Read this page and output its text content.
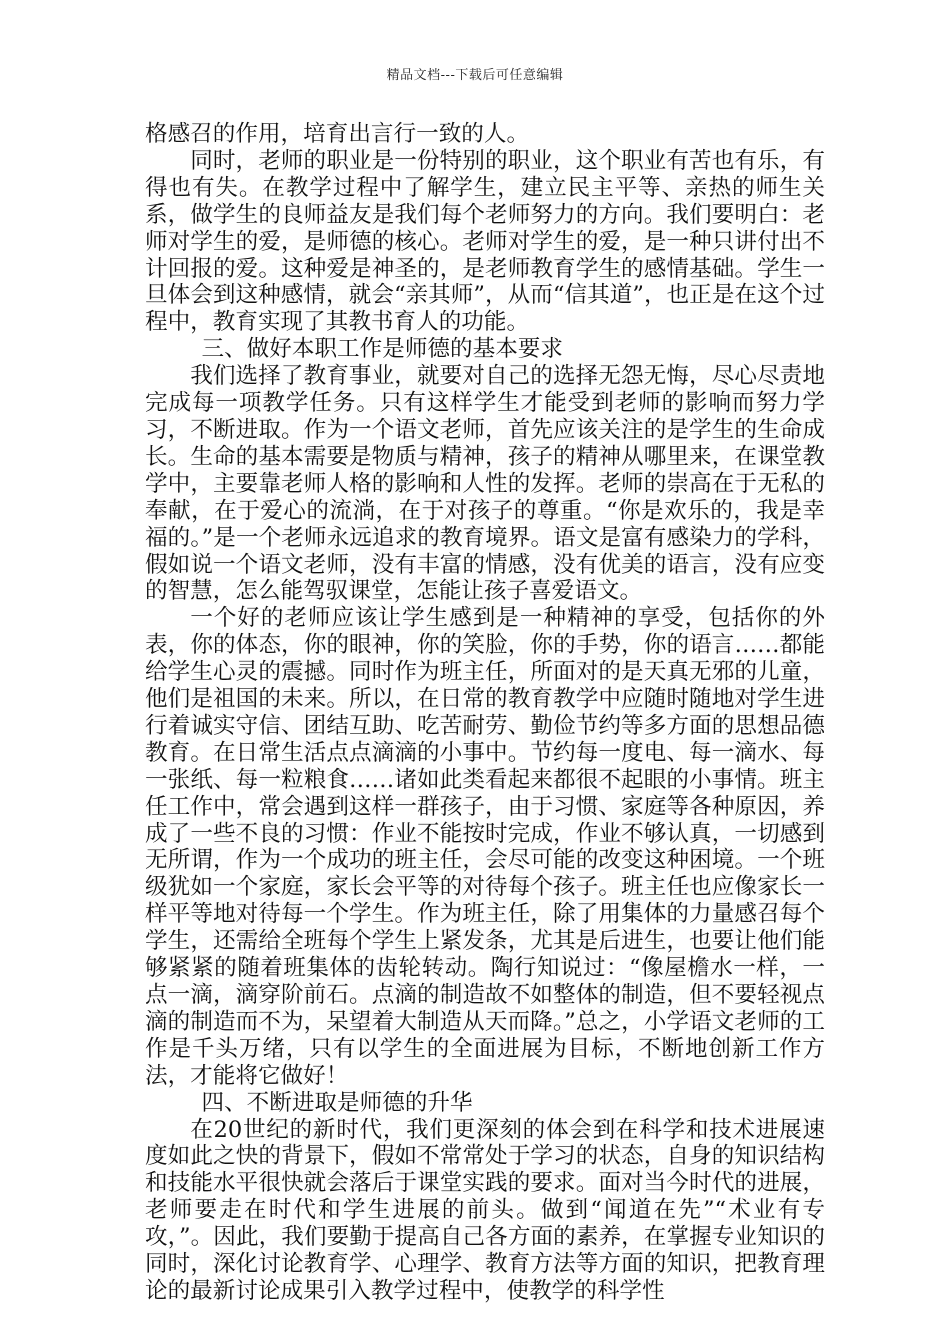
精品文档---下载后可任意编辑

格感召的作用，培育出言行一致的人。

同时，老师的职业是一份特别的职业，这个职业有苦也有乐，有得也有失。在教学过程中了解学生，建立民主平等、亲热的师生关系，做学生的良师益友是我们每个老师努力的方向。我们要明白：老师对学生的爱，是师德的核心。老师对学生的爱，是一种只讲付出不计回报的爱。这种爱是神圣的，是老师教育学生的感情基础。学生一旦体会到这种感情，就会“亲其师”，从而“信其道”，也正是在这个过程中，教育实现了其教书育人的功能。

三、做好本职工作是师德的基本要求

我们选择了教育事业，就要对自己的选择无怨无悔，尽心尽责地完成每一项教学任务。只有这样学生才能受到老师的影响而努力学习，不断进取。作为一个语文老师，首先应该关注的是学生的生命成长。生命的基本需要是物质与精神，孩子的精神从哪里来，在课堂教学中，主要靠老师人格的影响和人性的发挥。老师的崇高在于无私的奉献，在于爱心的流淌，在于对孩子的尊重。“你是欢乐的，我是幸福的。”是一个老师永远追求的教育境界。语文是富有感染力的学科，假如说一个语文老师，没有丰富的情感，没有优美的语言，没有应变的智慧，怎么能驾驭课堂，怎能让孩子喜爱语文。

一个好的老师应该让学生感到是一种精神的享受，包括你的外表，你的体态，你的眼神，你的笑脸，你的手势，你的语言……都能给学生心灵的震撼。同时作为班主任，所面对的是天真无邪的儿童，他们是祖国的未来。所以，在日常的教育教学中应随时随地对学生进行着诚实守信、团结互助、吃苦耐劳、勤俭节约等多方面的思想品德教育。在日常生活点点滴滴的小事中。节约每一度电、每一滴水、每一张纸、每一粒粮食……诸如此类看起来都很不起眼的小事情。班主任工作中，常会遇到这样一群孩子，由于习惯、家庭等各种原因，养成了一些不良的习惯：作业不能按时完成，作业不够认真，一切感到无所谓，作为一个成功的班主任，会尽可能的改变这种困境。一个班级犹如一个家庭，家长会平等的对待每个孩子。班主任也应像家长一样平等地对待每一个学生。作为班主任，除了用集体的力量感召每个学生，还需给全班每个学生上紧发条，尤其是后进生，也要让他们能够紧紧的随着班集体的齿轮转动。陶行知说过：“像屋檐水一样，一点一滴，滴穿阶前石。点滴的制造故不如整体的制造，但不要轻视点滴的制造而不为，呆望着大制造从天而降。”总之，小学语文老师的工作是千头万绪，只有以学生的全面进展为目标，不断地创新工作方法，才能将它做好！

四、不断进取是师德的升华

在20世纪的新时代，我们更深刻的体会到在科学和技术进展速度如此之快的背景下，假如不常常处于学习的状态，自身的知识结构和技能水平很快就会落后于课堂实践的要求。面对当今时代的进展，老师要走在时代和学生进展的前头。做到“闻道在先”“术业有专攻，”。因此，我们要勤于提高自己各方面的素养，在掌握专业知识的同时，深化讨论教育学、心理学、教育方法等方面的知识，把教育理论的最新讨论成果引入教学过程中，使教学的科学性
